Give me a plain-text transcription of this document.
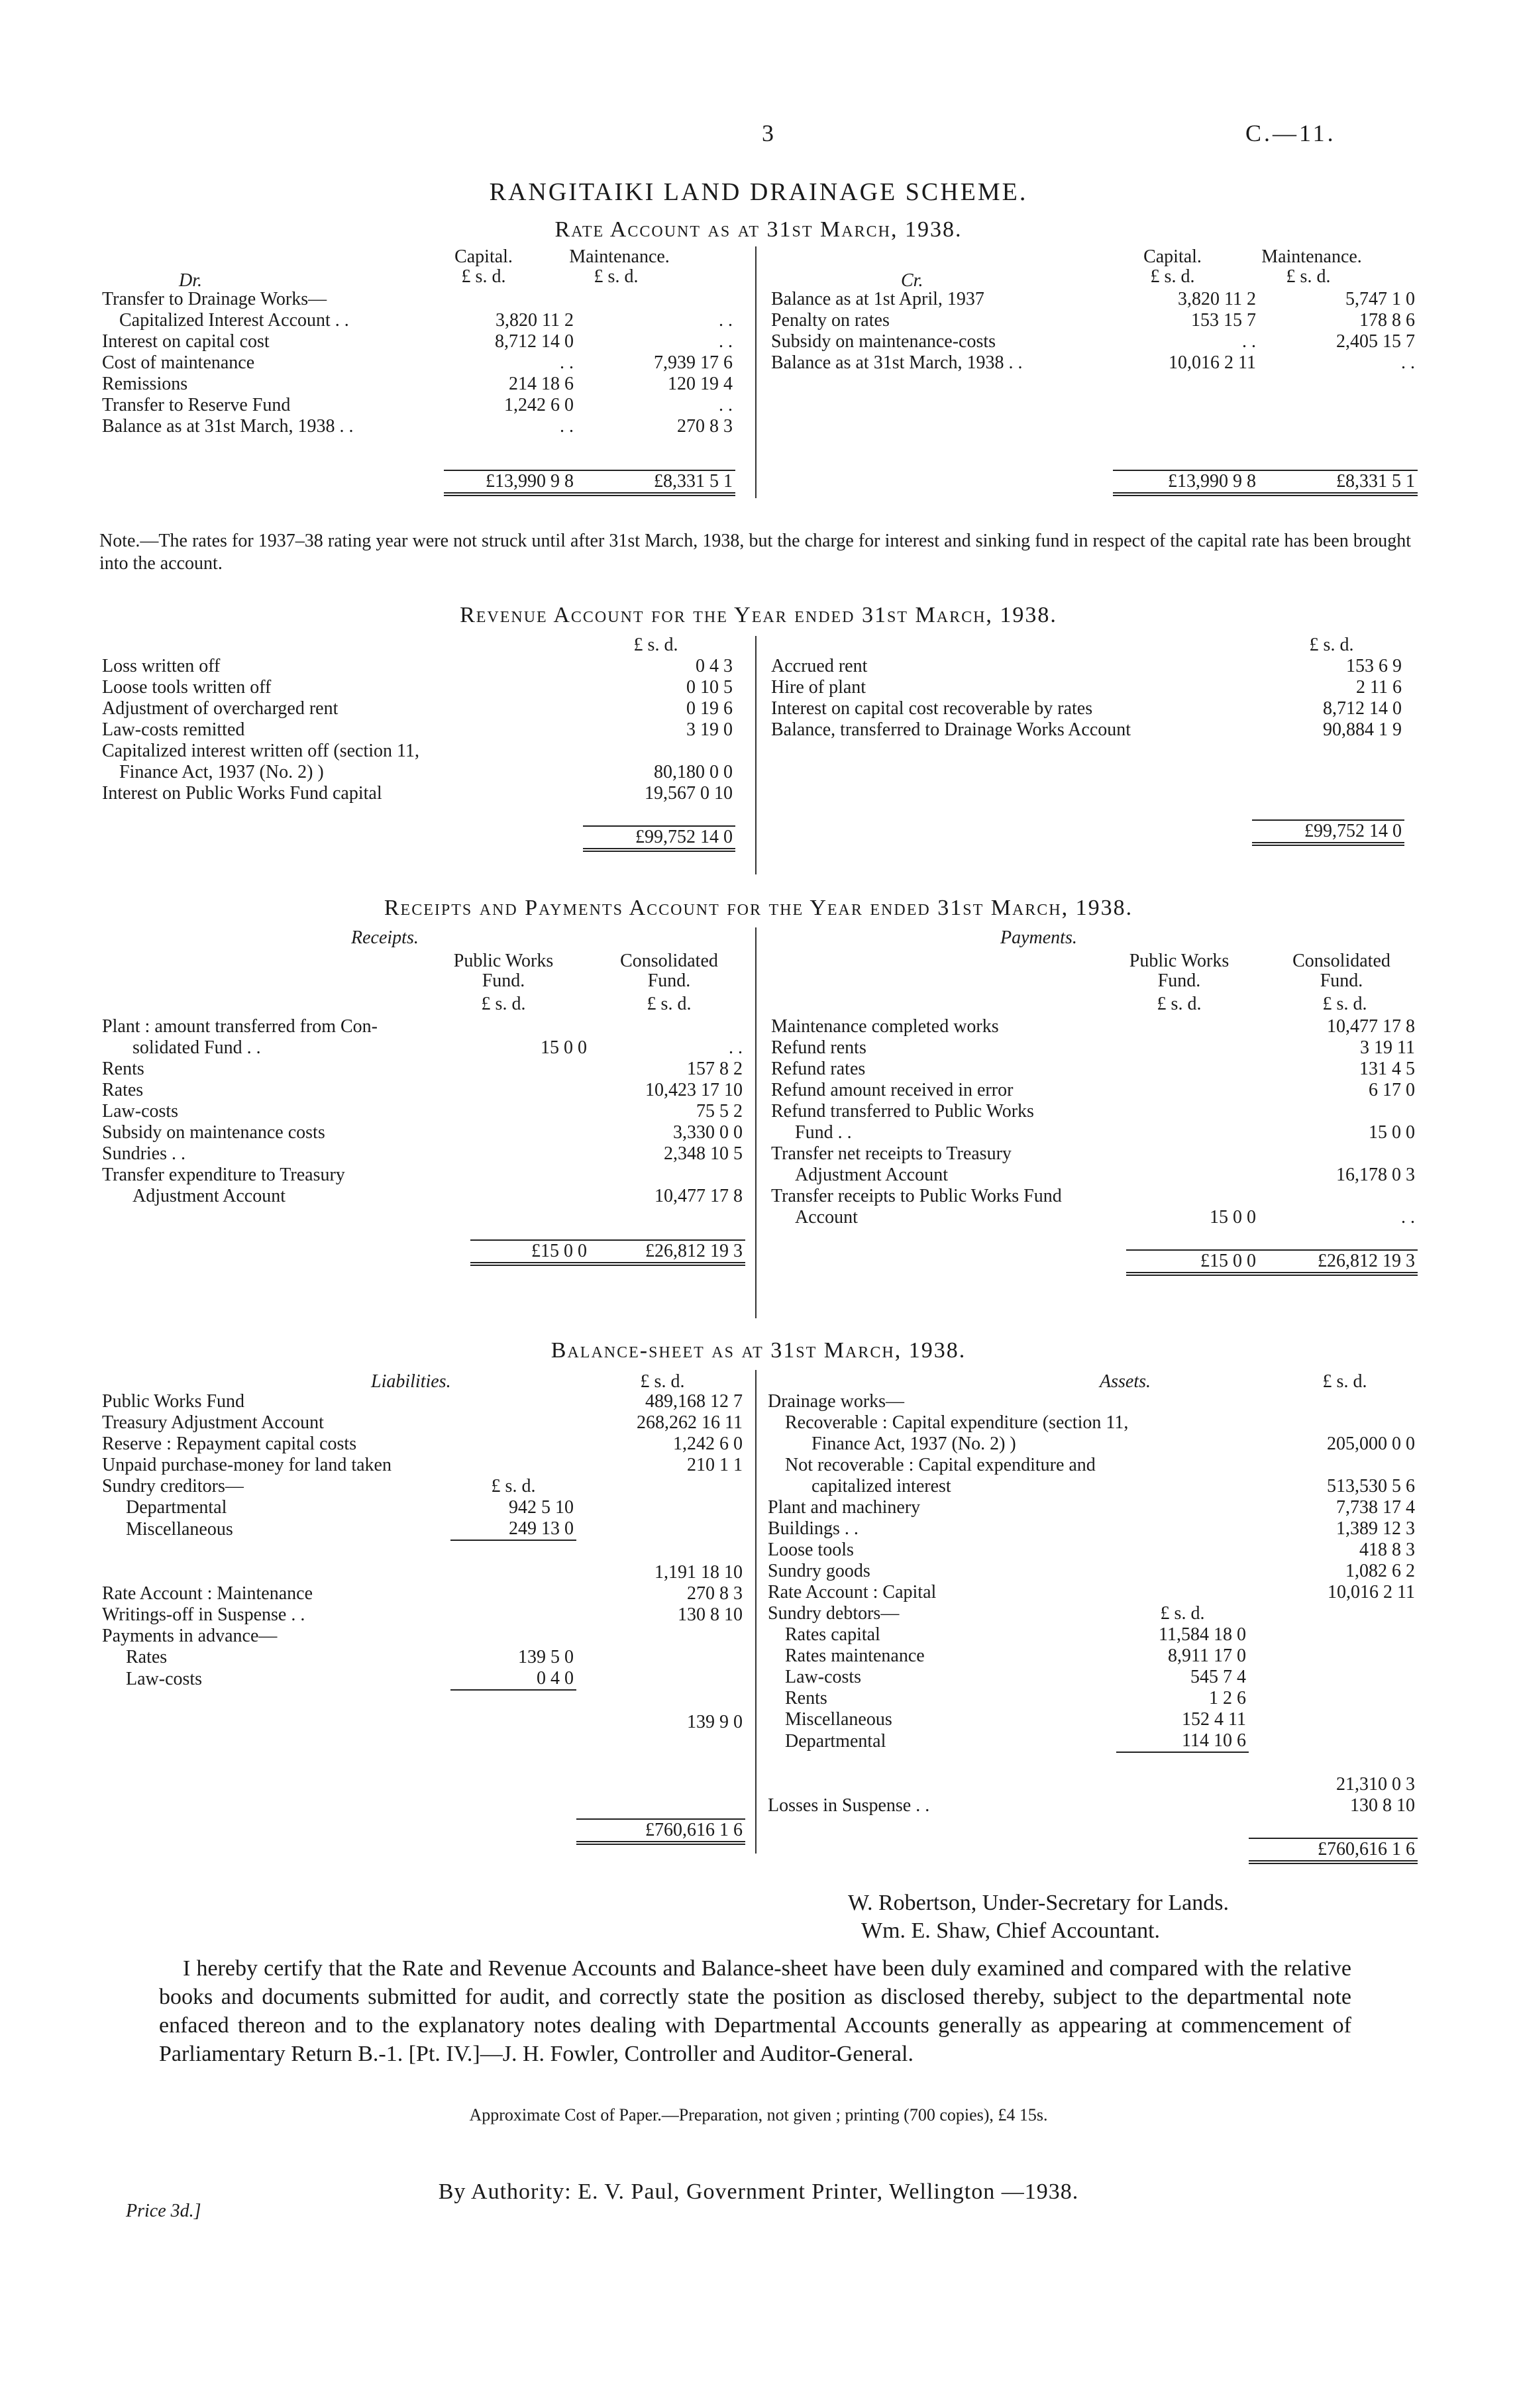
3	C.—11.
RANGITAIKI LAND DRAINAGE SCHEME.
Rate Account as at 31st March, 1938.
Capital.	Maintenance.
Dr.	£ s. d.	£ s. d.
Transfer to Drainage Works—		
Capitalized Interest Account . .	3,820 11 2	. .
Interest on capital cost	8,712 14 0	. .
Cost of maintenance	. .	7,939 17 6
Remissions	214 18 6	120 19 4
Transfer to Reserve Fund	1,242 6 0	. .
Balance as at 31st March, 1938 . .	. .	270 8 3

	£13,990 9 8	£8,331 5 1
Capital.	Maintenance.
Cr.	£ s. d.	£ s. d.
Balance as at 1st April, 1937	3,820 11 2	5,747 1 0
Penalty on rates	153 15 7	178 8 6
Subsidy on maintenance-costs	. .	2,405 15 7
Balance as at 31st March, 1938 . .	10,016 2 11	. .

	£13,990 9 8	£8,331 5 1
Note.—The rates for 1937–38 rating year were not struck until after 31st March, 1938, but the charge for interest and sinking fund in respect of the capital rate has been brought into the account.
Revenue Account for the Year ended 31st March, 1938.
£ s. d.	£ s. d.
Loss written off	0 4 3
Loose tools written off	0 10 5
Adjustment of overcharged rent	0 19 6
Law-costs remitted	3 19 0
Capitalized interest written off (section 11,	
Finance Act, 1937 (No. 2) )	80,180 0 0
Interest on Public Works Fund capital	19,567 0 10

	£99,752 14 0
Accrued rent	153 6 9
Hire of plant	2 11 6
Interest on capital cost recoverable by rates	8,712 14 0
Balance, transferred to Drainage Works Account	90,884 1 9

	£99,752 14 0
Receipts and Payments Account for the Year ended 31st March, 1938.
Receipts.	Payments.
Public Works
Fund.
Consolidated
Fund.
£ s. d.	£ s. d.
Plant : amount transferred from Con-		
solidated Fund . .	15 0 0	. .
Rents		157 8 2
Rates		10,423 17 10
Law-costs		75 5 2
Subsidy on maintenance costs		3,330 0 0
Sundries . .		2,348 10 5
Transfer expenditure to Treasury		
Adjustment Account		10,477 17 8

	£15 0 0	£26,812 19 3
Public Works
Fund.
Consolidated
Fund.
£ s. d.	£ s. d.
Maintenance completed works		10,477 17 8
Refund rents		3 19 11
Refund rates		131 4 5
Refund amount received in error		6 17 0
Refund transferred to Public Works		
Fund . .		15 0 0
Transfer net receipts to Treasury		
Adjustment Account		16,178 0 3
Transfer receipts to Public Works Fund		
Account	15 0 0	. .

	£15 0 0	£26,812 19 3
Balance-sheet as at 31st March, 1938.
Liabilities.	£ s. d.	Assets.	£ s. d.
Public Works Fund		489,168 12 7
Treasury Adjustment Account		268,262 16 11
Reserve : Repayment capital costs		1,242 6 0
Unpaid purchase-money for land taken		210 1 1
Sundry creditors—	£ s. d.	
Departmental	942 5 10	
Miscellaneous	249 13 0	

		1,191 18 10
Rate Account : Maintenance		270 8 3
Writings-off in Suspense . .		130 8 10
Payments in advance—		
Rates	139 5 0	
Law-costs	0 4 0	

		139 9 0

		£760,616 1 6
Drainage works—		
Recoverable : Capital expenditure (section 11,		
Finance Act, 1937 (No. 2) )		205,000 0 0
Not recoverable : Capital expenditure and		
capitalized interest		513,530 5 6
Plant and machinery		7,738 17 4
Buildings . .		1,389 12 3
Loose tools		418 8 3
Sundry goods		1,082 6 2
Rate Account : Capital		10,016 2 11
Sundry debtors—	£ s. d.	
Rates capital	11,584 18 0	
Rates maintenance	8,911 17 0	
Law-costs	545 7 4	
Rents	1 2 6	
Miscellaneous	152 4 11	
Departmental	114 10 6	

		21,310 0 3
Losses in Suspense . .		130 8 10

		£760,616 1 6
W. Robertson, Under-Secretary for Lands.
Wm. E. Shaw, Chief Accountant.
I hereby certify that the Rate and Revenue Accounts and Balance-sheet have been duly examined and compared with the relative books and documents submitted for audit, and correctly state the position as disclosed thereby, subject to the departmental note enfaced thereon and to the explanatory notes dealing with Departmental Accounts generally as appearing at commencement of Parliamentary Return B.-1. [Pt. IV.]—J. H. Fowler, Controller and Auditor-General.
Approximate Cost of Paper.—Preparation, not given ; printing (700 copies), £4 15s.
By Authority: E. V. Paul, Government Printer, Wellington —1938.
Price 3d.]
